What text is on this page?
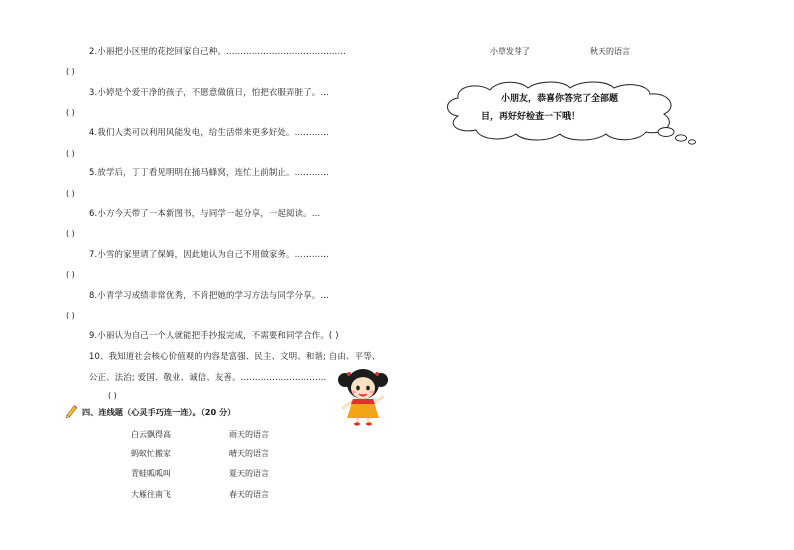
2.小丽把小区里的花挖回家自己种。……………………………………
( )
3.小婷是个爱干净的孩子，不愿意做值日，怕把衣服弄脏了。…
( )
4.我们人类可以利用风能发电，给生活带来更多好处。…………
( )
5.放学后，丁丁看见明明在捅马蜂窝，连忙上前制止。…………
( )
6.小方今天带了一本新图书，与同学一起分享，一起阅读。…
( )
7.小雪的家里请了保姆，因此她认为自己不用做家务。…………
( )
8.小青学习成绩非常优秀，不肯把她的学习方法与同学分享。…
( )
9.小丽认为自己一个人就能把手抄报完成，不需要和同学合作。( )
10、我知道社会核心价值观的内容是富强、民主、文明、和谐; 自由、平等、
公正、法治; 爱国、敬业、诚信、友善。…………………………
( )
四、连线题（心灵手巧连一连）。（20 分）
白云飘得高
蚂蚁忙搬家
青蛙呱呱叫
大雁往南飞
雨天的语言
晴天的语言
夏天的语言
春天的语言
小草发芽了	秋天的语言
小朋友，恭喜你答完了全部题
目，再好好检查一下哦！
